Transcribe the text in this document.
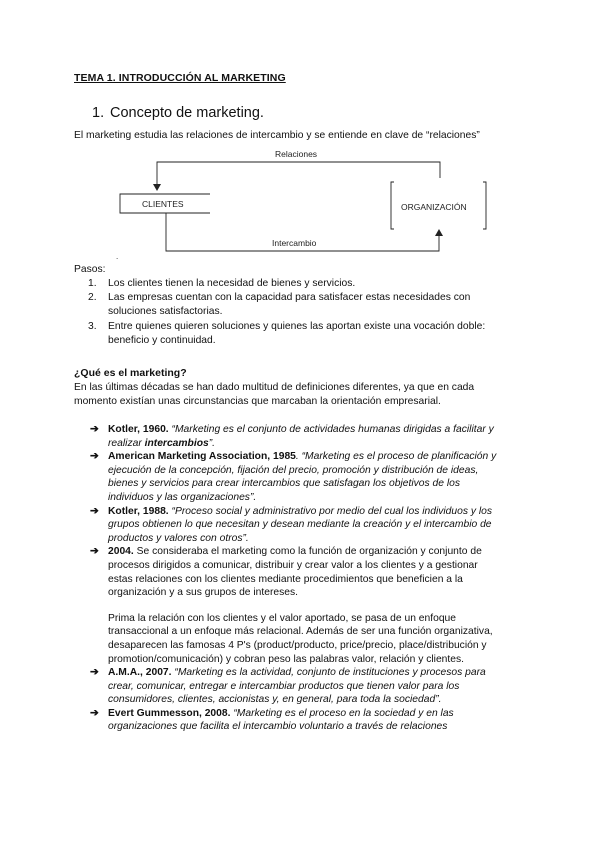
TEMA 1. INTRODUCCIÓN AL MARKETING
1. Concepto de marketing.
El marketing estudia las relaciones de intercambio y se entiende en clave de “relaciones”
Relaciones
CLIENTES	ORGANIZACIÓN
Intercambio
.
Pasos:
1. Los clientes tienen la necesidad de bienes y servicios.
2. Las empresas cuentan con la capacidad para satisfacer estas necesidades con
soluciones satisfactorias.
3. Entre quienes quieren soluciones y quienes las aportan existe una vocación doble:
beneficio y continuidad.
¿Qué es el marketing?
En las últimas décadas se han dado multitud de definiciones diferentes, ya que en cada
momento existían unas circunstancias que marcaban la orientación empresarial.
➔ Kotler, 1960. “Marketing es el conjunto de actividades humanas dirigidas a facilitar y
realizar intercambios”.
➔ American Marketing Association, 1985. “Marketing es el proceso de planificación y
ejecución de la concepción, fijación del precio, promoción y distribución de ideas,
bienes y servicios para crear intercambios que satisfagan los objetivos de los
individuos y las organizaciones”.
➔ Kotler, 1988. “Proceso social y administrativo por medio del cual los individuos y los
grupos obtienen lo que necesitan y desean mediante la creación y el intercambio de
productos y valores con otros”.
➔ 2004. Se consideraba el marketing como la función de organización y conjunto de
procesos dirigidos a comunicar, distribuir y crear valor a los clientes y a gestionar
estas relaciones con los clientes mediante procedimientos que beneficien a la
organización y a sus grupos de intereses.

Prima la relación con los clientes y el valor aportado, se pasa de un enfoque
transaccional a un enfoque más relacional. Además de ser una función organizativa,
desaparecen las famosas 4 P's (product/producto, price/precio, place/distribución y
promotion/comunicación) y cobran peso las palabras valor, relación y clientes.

➔ A.M.A., 2007. “Marketing es la actividad, conjunto de instituciones y procesos para
crear, comunicar, entregar e intercambiar productos que tienen valor para los
consumidores, clientes, accionistas y, en general, para toda la sociedad”.
➔ Evert Gummesson, 2008. “Marketing es el proceso en la sociedad y en las
organizaciones que facilita el intercambio voluntario a través de relaciones
